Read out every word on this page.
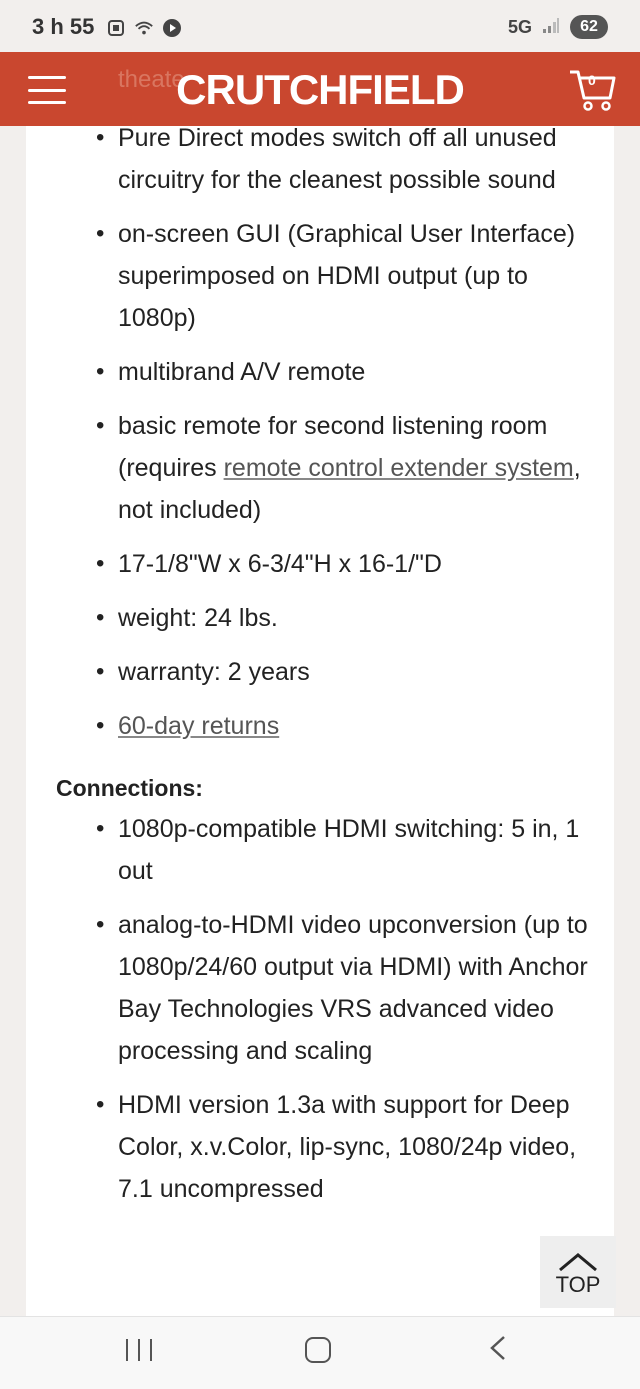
3 h 55	5G	62
theate
CRUTCHFIELD	0
• Pure Direct modes switch off all unused circuitry for the cleanest possible sound
• on-screen GUI (Graphical User Interface) superimposed on HDMI output (up to 1080p)
• multibrand A/V remote
• basic remote for second listening room (requires remote control extender system, not included)
• 17-1/8"W x 6-3/4"H x 16-1/"D
• weight: 24 lbs.
• warranty: 2 years
• 60-day returns
Connections:
• 1080p-compatible HDMI switching: 5 in, 1 out
• analog-to-HDMI video upconversion (up to 1080p/24/60 output via HDMI) with Anchor Bay Technologies VRS advanced video processing and scaling
• HDMI version 1.3a with support for Deep Color, x.v.Color, lip-sync, 1080/24p video, 7.1 uncompressed
TOP
